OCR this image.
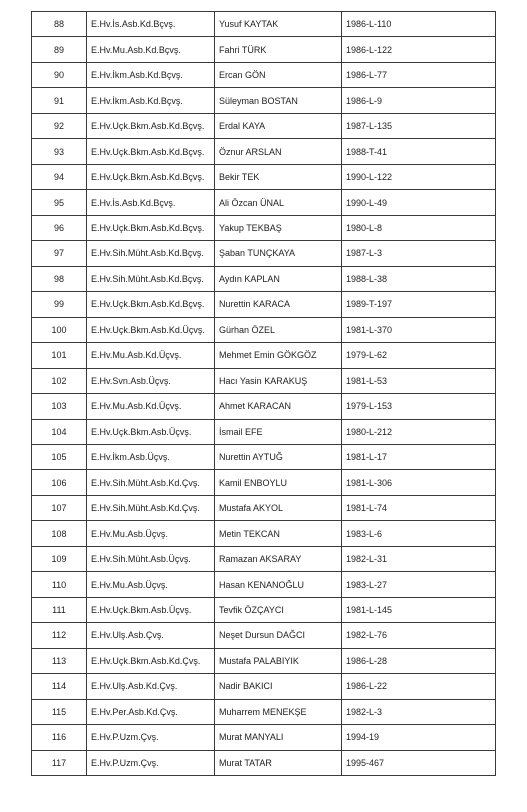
88	E.Hv.İs.Asb.Kd.Bçvş.	Yusuf KAYTAK	1986-L-110
89	E.Hv.Mu.Asb.Kd.Bçvş.	Fahri TÜRK	1986-L-122
90	E.Hv.İkm.Asb.Kd.Bçvş.	Ercan GÖN	1986-L-77
91	E.Hv.İkm.Asb.Kd.Bçvş.	Süleyman BOSTAN	1986-L-9
92	E.Hv.Uçk.Bkm.Asb.Kd.Bçvş.	Erdal KAYA	1987-L-135
93	E.Hv.Uçk.Bkm.Asb.Kd.Bçvş.	Öznur ARSLAN	1988-T-41
94	E.Hv.Uçk.Bkm.Asb.Kd.Bçvş.	Bekir TEK	1990-L-122
95	E.Hv.İs.Asb.Kd.Bçvş.	Ali Özcan ÜNAL	1990-L-49
96	E.Hv.Uçk.Bkm.Asb.Kd.Bçvş.	Yakup TEKBAŞ	1980-L-8
97	E.Hv.Sih.Müht.Asb.Kd.Bçvş.	Şaban TUNÇKAYA	1987-L-3
98	E.Hv.Sih.Müht.Asb.Kd.Bçvş.	Aydın KAPLAN	1988-L-38
99	E.Hv.Uçk.Bkm.Asb.Kd.Bçvş.	Nurettin KARACA	1989-T-197
100	E.Hv.Uçk.Bkm.Asb.Kd.Üçvş.	Gürhan ÖZEL	1981-L-370
101	E.Hv.Mu.Asb.Kd.Üçvş.	Mehmet Emin GÖKGÖZ	1979-L-62
102	E.Hv.Svn.Asb.Üçvş.	Hacı Yasin KARAKUŞ	1981-L-53
103	E.Hv.Mu.Asb.Kd.Üçvş.	Ahmet KARACAN	1979-L-153
104	E.Hv.Uçk.Bkm.Asb.Üçvş.	İsmail EFE	1980-L-212
105	E.Hv.İkm.Asb.Üçvş.	Nurettin AYTUĞ	1981-L-17
106	E.Hv.Sih.Müht.Asb.Kd.Çvş.	Kamil ENBOYLU	1981-L-306
107	E.Hv.Sih.Müht.Asb.Kd.Çvş.	Mustafa AKYOL	1981-L-74
108	E.Hv.Mu.Asb.Üçvş.	Metin TEKCAN	1983-L-6
109	E.Hv.Sih.Müht.Asb.Üçvş.	Ramazan AKSARAY	1982-L-31
110	E.Hv.Mu.Asb.Üçvş.	Hasan KENANOĞLU	1983-L-27
111	E.Hv.Uçk.Bkm.Asb.Üçvş.	Tevfik ÖZÇAYCI	1981-L-145
112	E.Hv.Ulş.Asb.Çvş.	Neşet Dursun DAĞCI	1982-L-76
113	E.Hv.Uçk.Bkm.Asb.Kd.Çvş.	Mustafa PALABIYIK	1986-L-28
114	E.Hv.Ulş.Asb.Kd.Çvş.	Nadir BAKICI	1986-L-22
115	E.Hv.Per.Asb.Kd.Çvş.	Muharrem MENEKŞE	1982-L-3
116	E.Hv.P.Uzm.Çvş.	Murat MANYALI	1994-19
117	E.Hv.P.Uzm.Çvş.	Murat TATAR	1995-467
